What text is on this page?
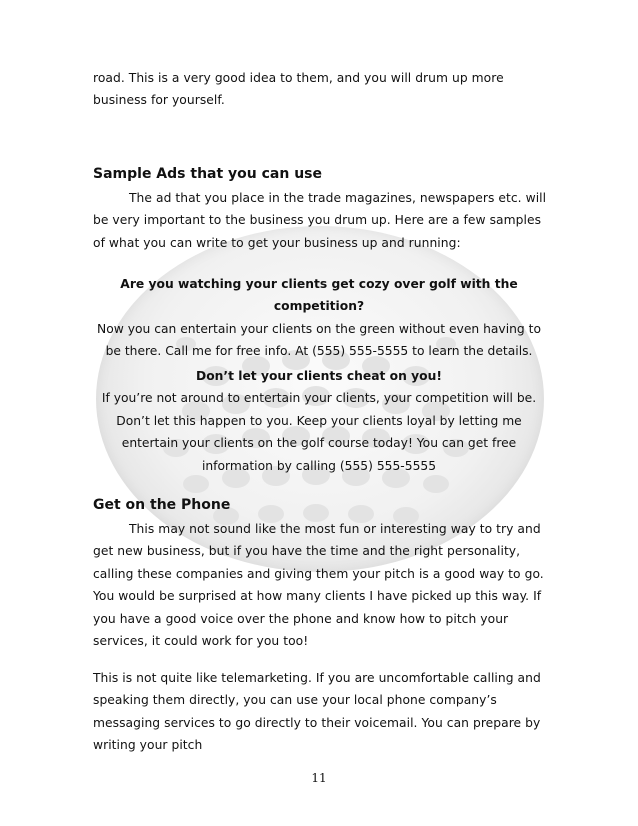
road. This is a very good idea to them, and you will drum up more business for yourself.

Sample Ads that you can use

The ad that you place in the trade magazines, newspapers etc. will be very important to the business you drum up. Here are a few samples of what you can write to get your business up and running:

Are you watching your clients get cozy over golf with the competition?
Now you can entertain your clients on the green without even having to be there. Call me for free info. At (555) 555-5555 to learn the details.
Don’t let your clients cheat on you!
If you’re not around to entertain your clients, your competition will be. Don’t let this happen to you. Keep your clients loyal by letting me entertain your clients on the golf course today! You can get free information by calling (555) 555-5555
Get on the Phone

This may not sound like the most fun or interesting way to try and get new business, but if you have the time and the right personality, calling these companies and giving them your pitch is a good way to go. You would be surprised at how many clients I have picked up this way. If you have a good voice over the phone and know how to pitch your services, it could work for you too!

This is not quite like telemarketing. If you are uncomfortable calling and speaking them directly, you can use your local phone company’s messaging services to go directly to their voicemail. You can prepare by writing your pitch

11
